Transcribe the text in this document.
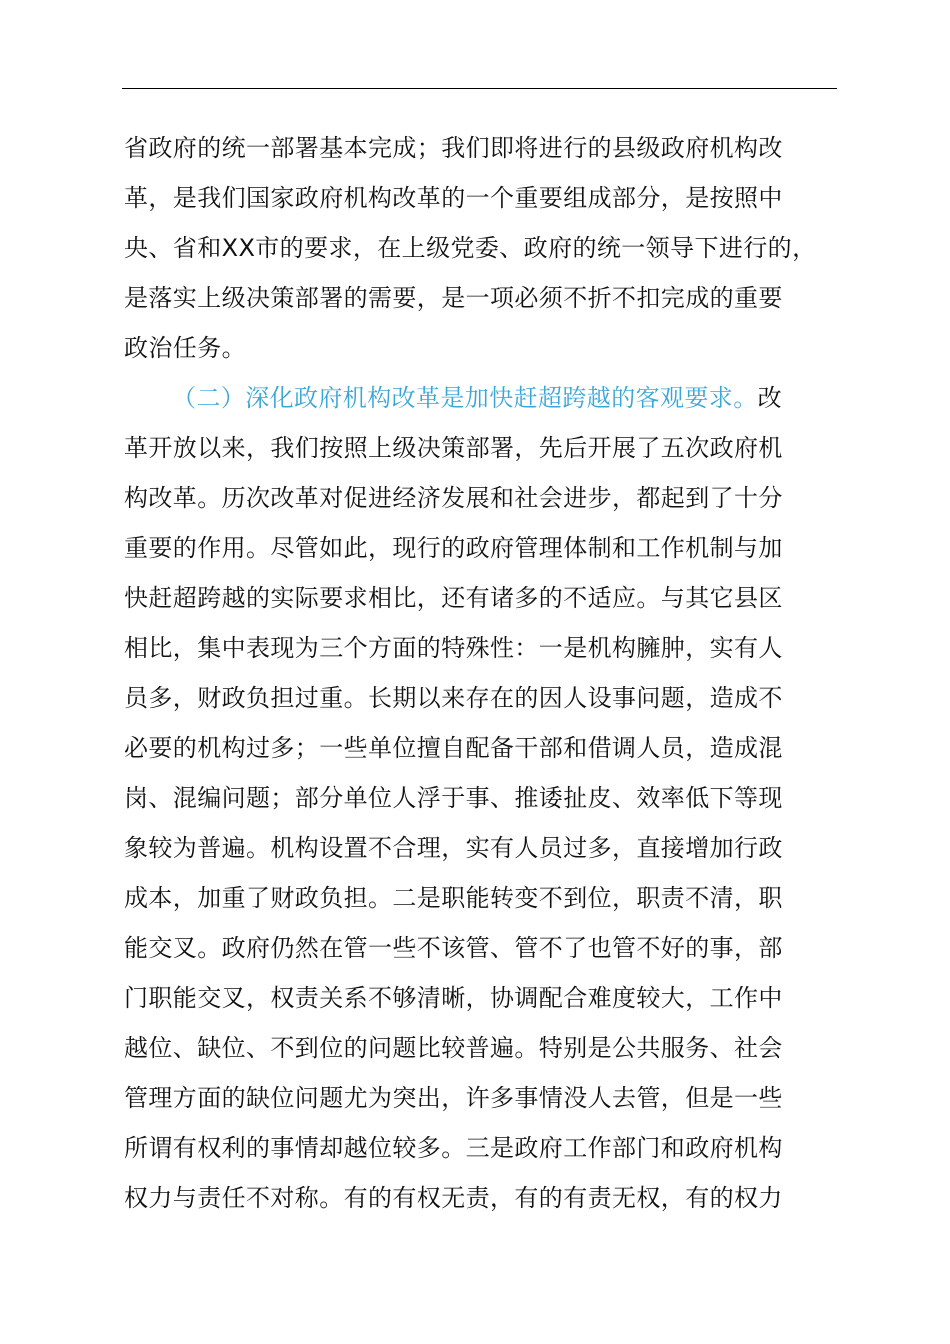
省政府的统一部署基本完成；我们即将进行的县级政府机构改
革，是我们国家政府机构改革的一个重要组成部分，是按照中
央、省和XX市的要求，在上级党委、政府的统一领导下进行的，
是落实上级决策部署的需要，是一项必须不折不扣完成的重要
政治任务。
（二）深化政府机构改革是加快赶超跨越的客观要求。改
革开放以来，我们按照上级决策部署，先后开展了五次政府机
构改革。历次改革对促进经济发展和社会进步，都起到了十分
重要的作用。尽管如此，现行的政府管理体制和工作机制与加
快赶超跨越的实际要求相比，还有诸多的不适应。与其它县区
相比，集中表现为三个方面的特殊性：一是机构臃肿，实有人
员多，财政负担过重。长期以来存在的因人设事问题，造成不
必要的机构过多；一些单位擅自配备干部和借调人员，造成混
岗、混编问题；部分单位人浮于事、推诿扯皮、效率低下等现
象较为普遍。机构设置不合理，实有人员过多，直接增加行政
成本，加重了财政负担。二是职能转变不到位，职责不清，职
能交叉。政府仍然在管一些不该管、管不了也管不好的事，部
门职能交叉，权责关系不够清晰，协调配合难度较大，工作中
越位、缺位、不到位的问题比较普遍。特别是公共服务、社会
管理方面的缺位问题尤为突出，许多事情没人去管，但是一些
所谓有权利的事情却越位较多。三是政府工作部门和政府机构
权力与责任不对称。有的有权无责，有的有责无权，有的权力
